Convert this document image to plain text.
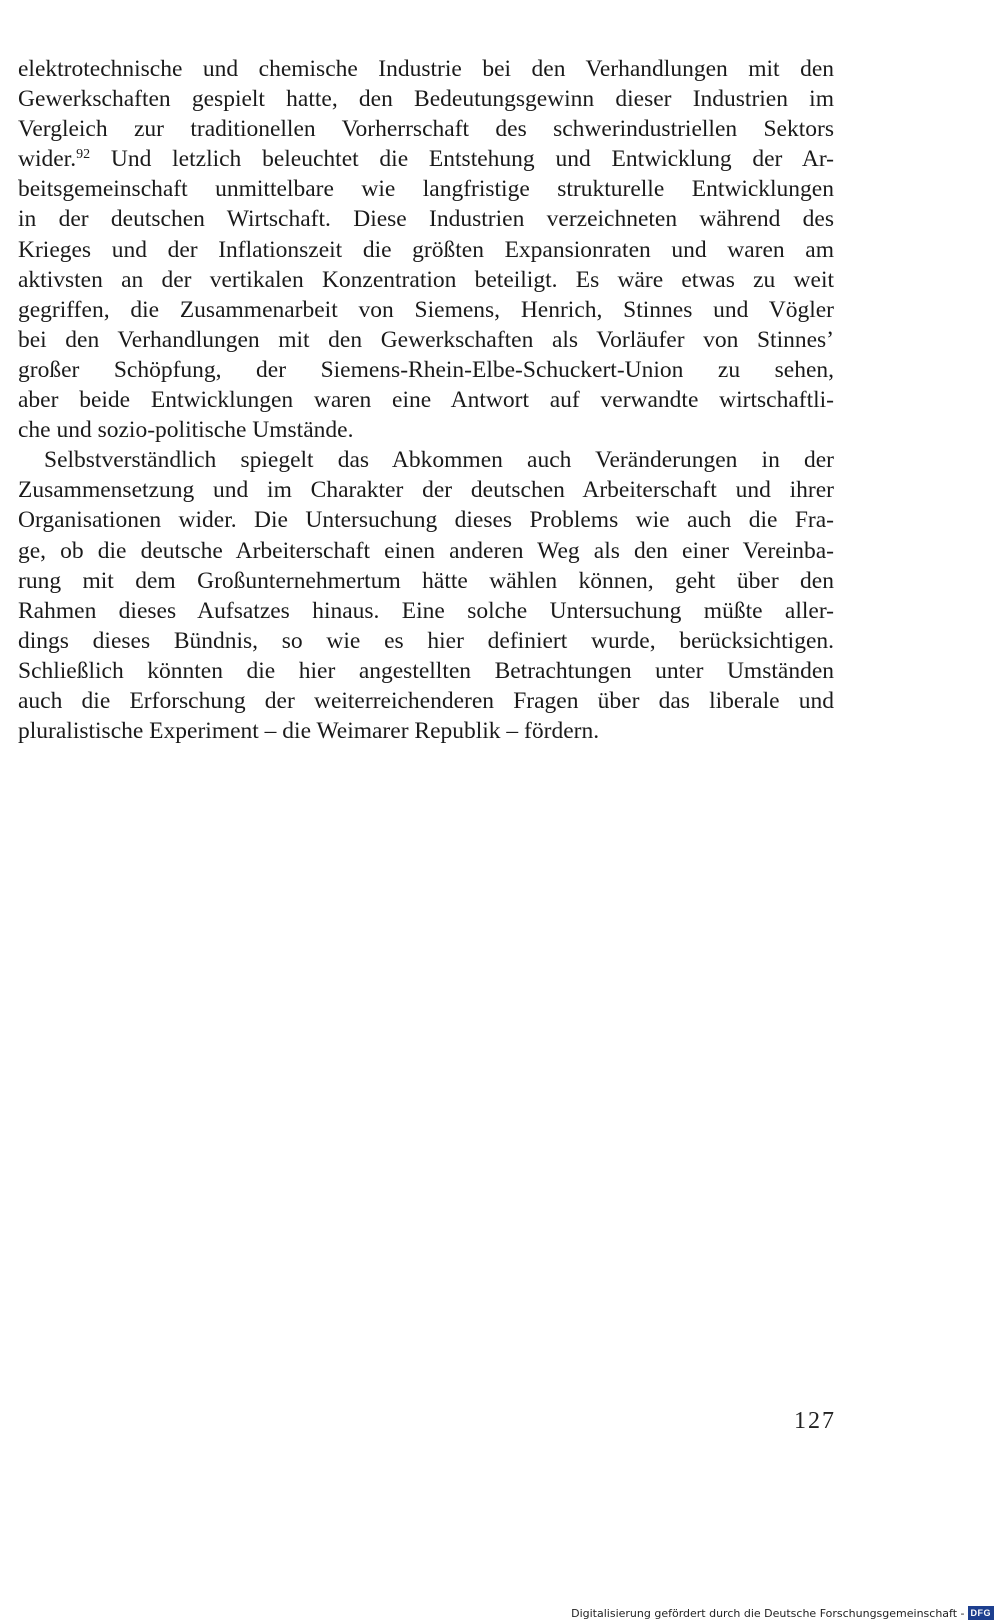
elektrotechnische und chemische Industrie bei den Verhandlungen mit den
Gewerkschaften gespielt hatte, den Bedeutungsgewinn dieser Industrien im
Vergleich zur traditionellen Vorherrschaft des schwerindustriellen Sektors
wider.$^{92}$ Und letzlich beleuchtet die Entstehung und Entwicklung der Ar-
beitsgemeinschaft unmittelbare wie langfristige strukturelle Entwicklungen
in der deutschen Wirtschaft. Diese Industrien verzeichneten während des
Krieges und der Inflationszeit die größten Expansionraten und waren am
aktivsten an der vertikalen Konzentration beteiligt. Es wäre etwas zu weit
gegriffen, die Zusammenarbeit von Siemens, Henrich, Stinnes und Vögler
bei den Verhandlungen mit den Gewerkschaften als Vorläufer von Stinnes’
großer Schöpfung, der Siemens-Rhein-Elbe-Schuckert-Union zu sehen,
aber beide Entwicklungen waren eine Antwort auf verwandte wirtschaftli-
che und sozio-politische Umstände.
Selbstverständlich spiegelt das Abkommen auch Veränderungen in der
Zusammensetzung und im Charakter der deutschen Arbeiterschaft und ihrer
Organisationen wider. Die Untersuchung dieses Problems wie auch die Fra-
ge, ob die deutsche Arbeiterschaft einen anderen Weg als den einer Vereinba-
rung mit dem Großunternehmertum hätte wählen können, geht über den
Rahmen dieses Aufsatzes hinaus. Eine solche Untersuchung müßte aller-
dings dieses Bündnis, so wie es hier definiert wurde, berücksichtigen.
Schließlich könnten die hier angestellten Betrachtungen unter Umständen
auch die Erforschung der weiterreichenderen Fragen über das liberale und
pluralistische Experiment – die Weimarer Republik – fördern.
127
Digitalisierung gefördert durch die Deutsche Forschungsgemeinschaft - DFG
